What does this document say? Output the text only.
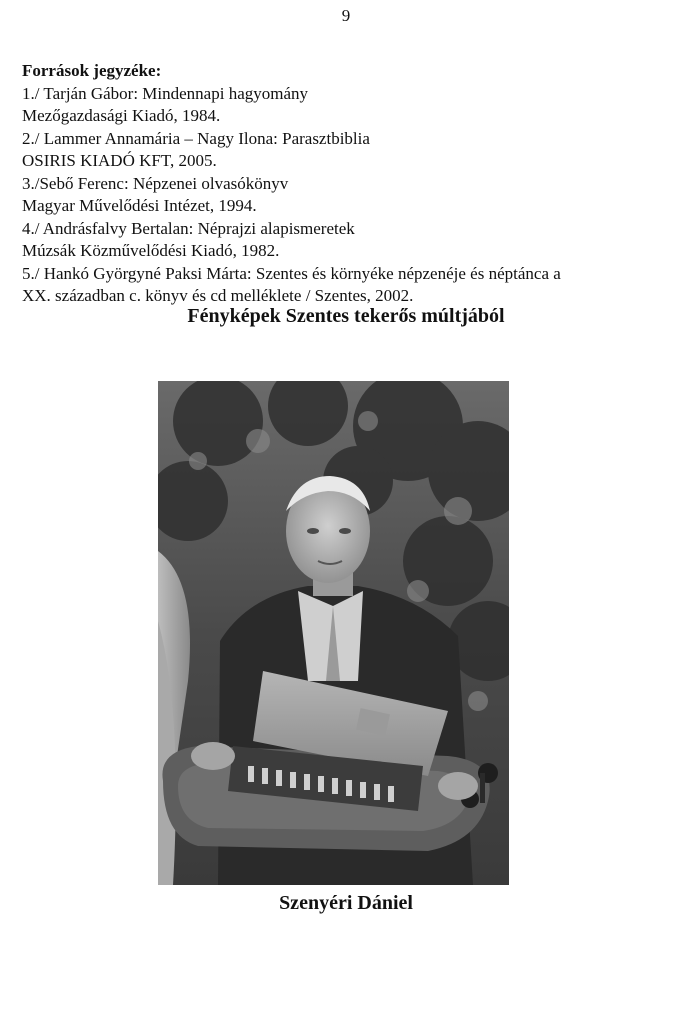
9
Források jegyzéke:
1./ Tarján Gábor: Mindennapi hagyomány
Mezőgazdasági Kiadó, 1984.
2./ Lammer Annamária – Nagy Ilona: Parasztbiblia
OSIRIS KIADÓ KFT, 2005.
3./Sebő Ferenc: Népzenei olvasókönyv
Magyar Művelődési Intézet, 1994.
4./ Andrásfalvy Bertalan: Néprajzi alapismeretek
Múzsák Közművelődési Kiadó, 1982.
5./ Hankó Györgyné Paksi Márta: Szentes és környéke népzenéje és néptánca a
XX. században c. könyv és cd melléklete / Szentes, 2002.
Fényképek Szentes tekerős múltjából
Szenyéri Dániel
